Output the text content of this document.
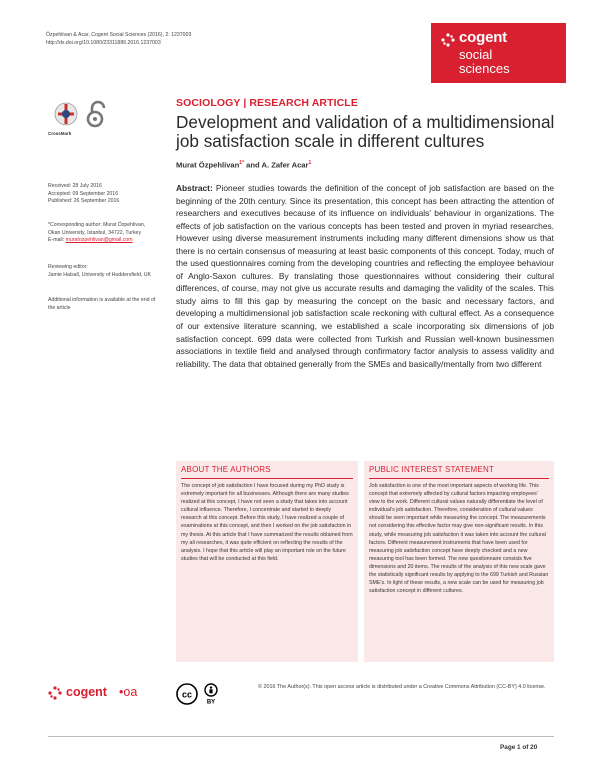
Özpehlivan & Acar, Cogent Social Sciences (2016), 2: 1237003
http://dx.doi.org/10.1080/23311886.2016.1237003	cogent
social
sciences
CrossMark
SOCIOLOGY | RESEARCH ARTICLE
Development and validation of a multidimensional job satisfaction scale in different cultures
Murat Özpehlivan$^{1*}$ and A. Zafer Acar$^1$
Received: 28 July 2016
Accepted: 09 September 2016
Published: 26 September 2016
*Corresponding author: Murat Özpehlivan, Okan University, Istanbul, 34722, Turkey
E-mail: muratozpehlivan@gmail.com
Reviewing editor:
Jamie Halsall, University of Huddersfield, UK
Additional information is available at the end of the article
Abstract: Pioneer studies towards the definition of the concept of job satisfaction are based on the beginning of the 20th century. Since its presentation, this concept has been attracting the attention of researchers and executives because of its influence on individuals' behaviour in organizations. The effects of job satisfaction on the various concepts has been tested and proven in myriad researches. However using diverse measurement instruments including many different dimensions show us that there is no certain consensus of measuring at least basic components of this concept. Today, much of the used questionnaires coming from the developing countries and reflecting the employee behaviour of Anglo-Saxon cultures. By translating those questionnaires without considering their cultural differences, of course, may not give us accurate results and damaging the validity of the scales. This study aims to fill this gap by measuring the concept on the basic and necessary factors, and developing a multidimensional job satisfaction scale reckoning with cultural effect. As a consequence of our extensive literature scanning, we established a scale incorporating six dimensions of job satisfaction concept. 699 data were collected from Turkish and Russian well-known businessmen associations in textile field and analysed through confirmatory factor analysis to assess validity and reliability. The data that obtained generally from the SMEs and basically/mentally from two different
ABOUT THE AUTHORS

The concept of job satisfaction I have focused during my PhD study is extremely important for all businesses. Although there are many studies realized at this concept, I have not seen a study that takes into account cultural influence. Therefore, I concentrate and started to deeply research at this concept. Before this study, I have realized a couple of examinations at this concept, and then I worked on the job satisfaction in my thesis. At this article that I have summarized the results obtained from my all researches, it was quite efficient on reflecting the results of the analysis. I hope that this article will play an important role on the future studies that will be conducted at this field.

PUBLIC INTEREST STATEMENT

Job satisfaction is one of the most important aspects of working life. This concept that extremely affected by cultural factors impacting employees' view to the work. Different cultural values naturally differentiate the level of individual's job satisfaction. Therefore, consideration of cultural values should be seen important while measuring the concept. The measurements not considering this effective factor may give non-significant results. In this study, while measuring job satisfaction it was taken into account the cultural factors. Different measurement instruments that have been used for measuring job satisfaction concept have deeply checked and a new measuring tool has been formed. The new questionnaire consists five dimensions and 20 items. The results of the analysis of this new scale gave the statistically significant results by applying to the 699 Turkish and Russian SME's. In light of these results, a new scale can be used for measuring job satisfaction concept in different cultures.

cogent •oa	cc
BY
© 2016 The Author(s). This open access article is distributed under a Creative Commons Attribution (CC-BY) 4.0 license.
Page 1 of 20
